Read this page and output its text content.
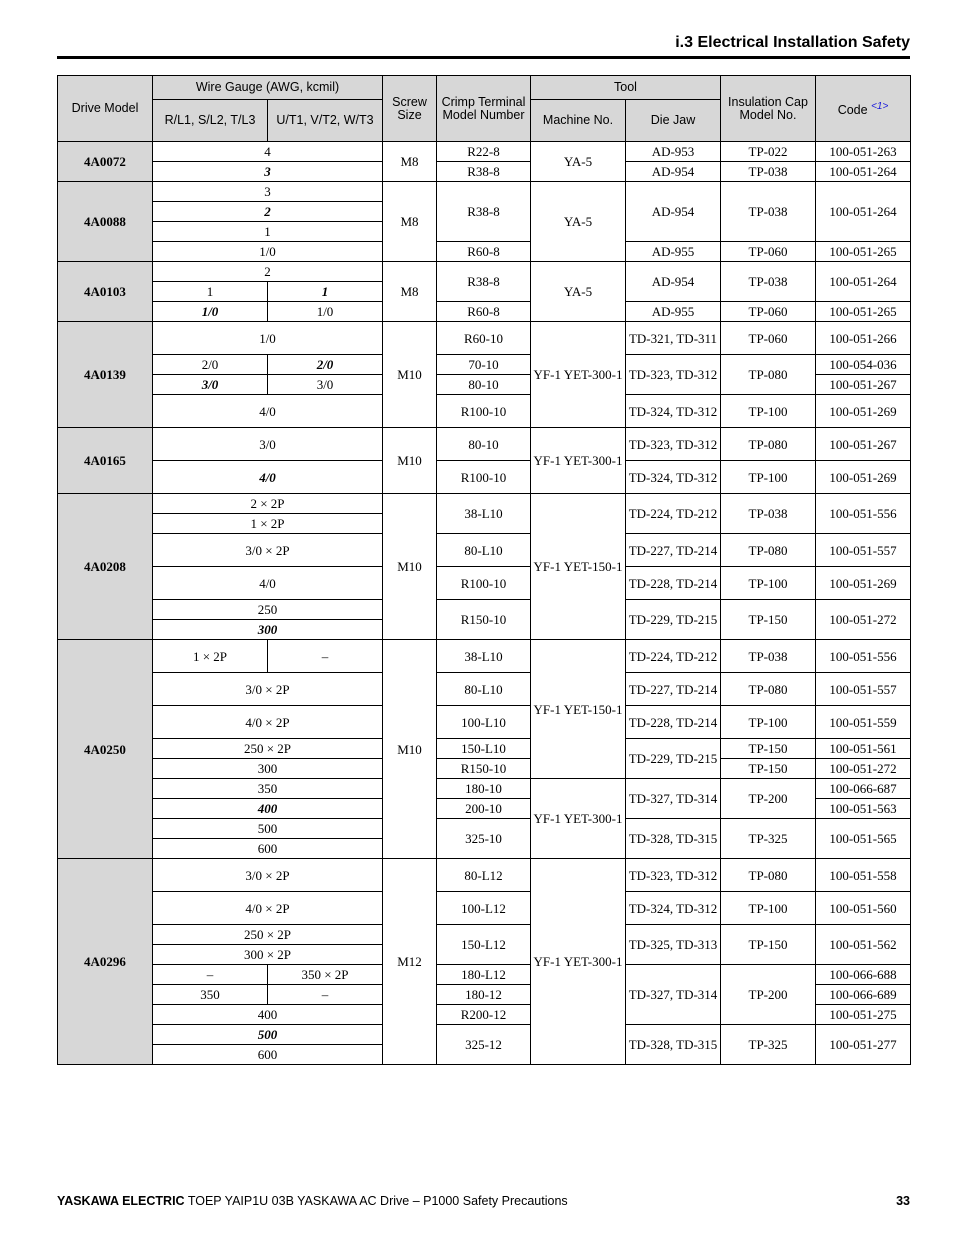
i.3 Electrical Installation Safety
Drive Model	Wire Gauge (AWG, kcmil)		Screw Size	Crimp Terminal Model Number	Tool		Insulation Cap Model No.	Code $^{<1>}$
	R/L1, S/L2, T/L3	U/T1, V/T2, W/T3			Machine No.	Die Jaw		
4A0072	4		M8	R22-8	YA-5	AD-953	TP-022	100-051-263
	3			R38-8		AD-954	TP-038	100-051-264
4A0088	3		M8	R38-8	YA-5	AD-954	TP-038	100-051-264
	2							
	1							
	1/0			R60-8		AD-955	TP-060	100-051-265
4A0103	2		M8	R38-8	YA-5	AD-954	TP-038	100-051-264
	1	1						
	1/0	1/0		R60-8		AD-955	TP-060	100-051-265
4A0139	1/0		M10	R60-10	YF-1 YET-300-1	TD-321, TD-311	TP-060	100-051-266
	2/0	2/0		70-10		TD-323, TD-312	TP-080	100-054-036
	3/0	3/0		80-10				100-051-267
	4/0			R100-10		TD-324, TD-312	TP-100	100-051-269
4A0165	3/0		M10	80-10	YF-1 YET-300-1	TD-323, TD-312	TP-080	100-051-267
	4/0			R100-10		TD-324, TD-312	TP-100	100-051-269
4A0208	2 × 2P		M10	38-L10	YF-1 YET-150-1	TD-224, TD-212	TP-038	100-051-556
	1 × 2P							
	3/0 × 2P			80-L10		TD-227, TD-214	TP-080	100-051-557
	4/0			R100-10		TD-228, TD-214	TP-100	100-051-269
	250			R150-10		TD-229, TD-215	TP-150	100-051-272
	300							
4A0250	1 × 2P	–	M10	38-L10	YF-1 YET-150-1	TD-224, TD-212	TP-038	100-051-556
	3/0 × 2P			80-L10		TD-227, TD-214	TP-080	100-051-557
	4/0 × 2P			100-L10		TD-228, TD-214	TP-100	100-051-559
	250 × 2P			150-L10		TD-229, TD-215	TP-150	100-051-561
	300			R150-10			TP-150	100-051-272
	350			180-10	YF-1 YET-300-1	TD-327, TD-314	TP-200	100-066-687
	400			200-10				100-051-563
	500			325-10		TD-328, TD-315	TP-325	100-051-565
	600							
4A0296	3/0 × 2P		M12	80-L12	YF-1 YET-300-1	TD-323, TD-312	TP-080	100-051-558
	4/0 × 2P			100-L12		TD-324, TD-312	TP-100	100-051-560
	250 × 2P			150-L12		TD-325, TD-313	TP-150	100-051-562
	300 × 2P							
	–	350 × 2P		180-L12		TD-327, TD-314	TP-200	100-066-688
	350	–		180-12				100-066-689
	400			R200-12				100-051-275
	500			325-12		TD-328, TD-315	TP-325	100-051-277
	600							
YASKAWA ELECTRIC TOEP YAIP1U 03B YASKAWA AC Drive – P1000 Safety Precautions	33
